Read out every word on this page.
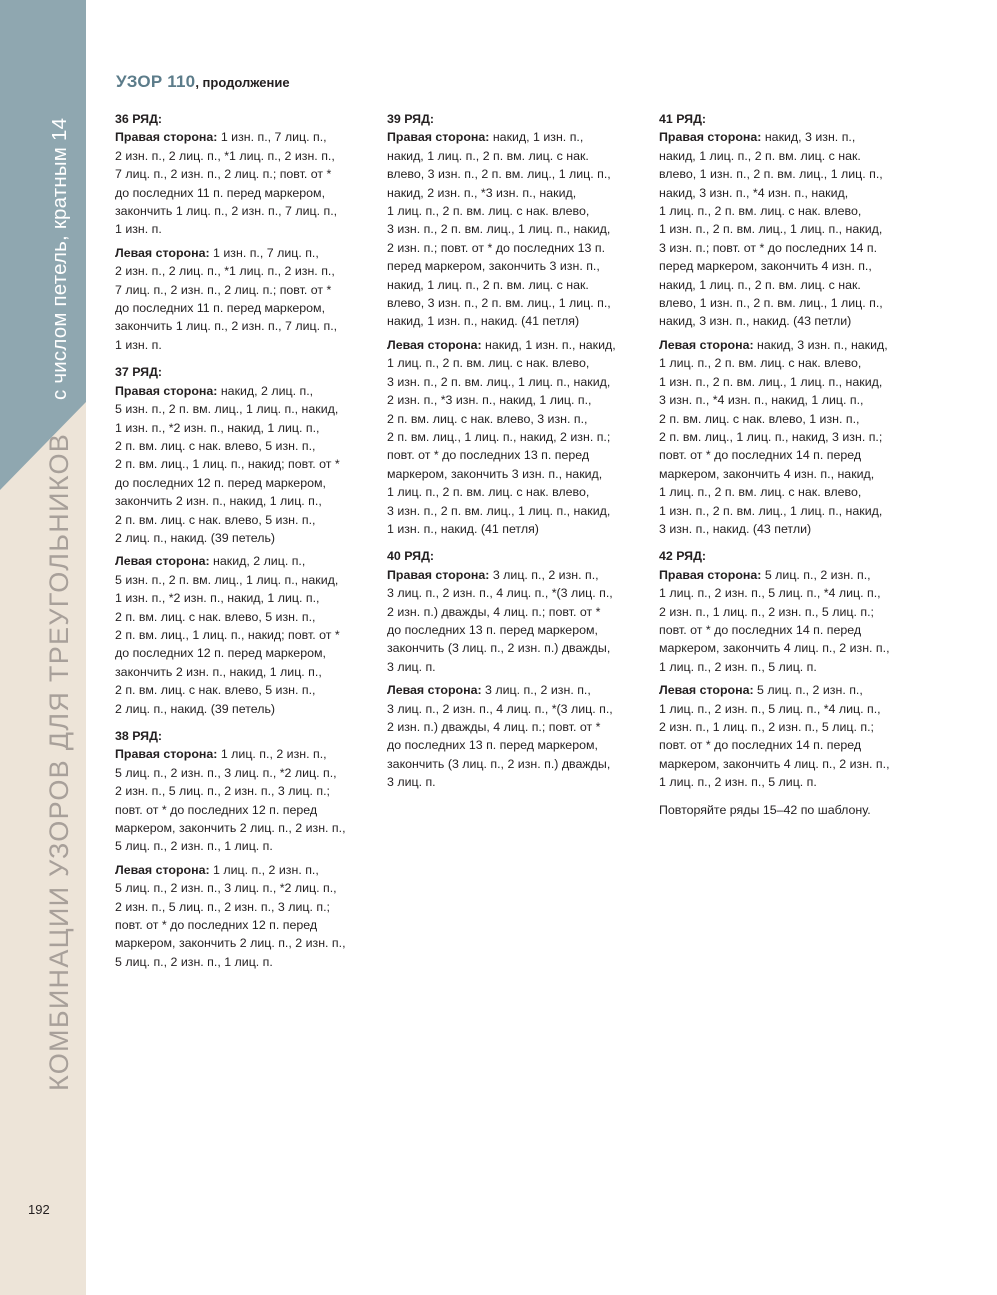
с числом петель, кратным 14
КОМБИНАЦИИ УЗОРОВ ДЛЯ ТРЕУГОЛЬНИКОВ
192
УЗОР 110, продолжение
36 РЯД:
Правая сторона: 1 изн. п., 7 лиц. п.,
2 изн. п., 2 лиц. п., *1 лиц. п., 2 изн. п.,
7 лиц. п., 2 изн. п., 2 лиц. п.; повт. от *
до последних 11 п. перед маркером,
закончить 1 лиц. п., 2 изн. п., 7 лиц. п.,
1 изн. п.
Левая сторона: 1 изн. п., 7 лиц. п.,
2 изн. п., 2 лиц. п., *1 лиц. п., 2 изн. п.,
7 лиц. п., 2 изн. п., 2 лиц. п.; повт. от *
до последних 11 п. перед маркером,
закончить 1 лиц. п., 2 изн. п., 7 лиц. п.,
1 изн. п.
37 РЯД:
Правая сторона: накид, 2 лиц. п.,
5 изн. п., 2 п. вм. лиц., 1 лиц. п., накид,
1 изн. п., *2 изн. п., накид, 1 лиц. п.,
2 п. вм. лиц. с нак. влево, 5 изн. п.,
2 п. вм. лиц., 1 лиц. п., накид; повт. от *
до последних 12 п. перед маркером,
закончить 2 изн. п., накид, 1 лиц. п.,
2 п. вм. лиц. с нак. влево, 5 изн. п.,
2 лиц. п., накид. (39 петель)
Левая сторона: накид, 2 лиц. п.,
5 изн. п., 2 п. вм. лиц., 1 лиц. п., накид,
1 изн. п., *2 изн. п., накид, 1 лиц. п.,
2 п. вм. лиц. с нак. влево, 5 изн. п.,
2 п. вм. лиц., 1 лиц. п., накид; повт. от *
до последних 12 п. перед маркером,
закончить 2 изн. п., накид, 1 лиц. п.,
2 п. вм. лиц. с нак. влево, 5 изн. п.,
2 лиц. п., накид. (39 петель)
38 РЯД:
Правая сторона: 1 лиц. п., 2 изн. п.,
5 лиц. п., 2 изн. п., 3 лиц. п., *2 лиц. п.,
2 изн. п., 5 лиц. п., 2 изн. п., 3 лиц. п.;
повт. от * до последних 12 п. перед
маркером, закончить 2 лиц. п., 2 изн. п.,
5 лиц. п., 2 изн. п., 1 лиц. п.
Левая сторона: 1 лиц. п., 2 изн. п.,
5 лиц. п., 2 изн. п., 3 лиц. п., *2 лиц. п.,
2 изн. п., 5 лиц. п., 2 изн. п., 3 лиц. п.;
повт. от * до последних 12 п. перед
маркером, закончить 2 лиц. п., 2 изн. п.,
5 лиц. п., 2 изн. п., 1 лиц. п.
39 РЯД:
Правая сторона: накид, 1 изн. п.,
накид, 1 лиц. п., 2 п. вм. лиц. с нак.
влево, 3 изн. п., 2 п. вм. лиц., 1 лиц. п.,
накид, 2 изн. п., *3 изн. п., накид,
1 лиц. п., 2 п. вм. лиц. с нак. влево,
3 изн. п., 2 п. вм. лиц., 1 лиц. п., накид,
2 изн. п.; повт. от * до последних 13 п.
перед маркером, закончить 3 изн. п.,
накид, 1 лиц. п., 2 п. вм. лиц. с нак.
влево, 3 изн. п., 2 п. вм. лиц., 1 лиц. п.,
накид, 1 изн. п., накид. (41 петля)
Левая сторона: накид, 1 изн. п., накид,
1 лиц. п., 2 п. вм. лиц. с нак. влево,
3 изн. п., 2 п. вм. лиц., 1 лиц. п., накид,
2 изн. п., *3 изн. п., накид, 1 лиц. п.,
2 п. вм. лиц. с нак. влево, 3 изн. п.,
2 п. вм. лиц., 1 лиц. п., накид, 2 изн. п.;
повт. от * до последних 13 п. перед
маркером, закончить 3 изн. п., накид,
1 лиц. п., 2 п. вм. лиц. с нак. влево,
3 изн. п., 2 п. вм. лиц., 1 лиц. п., накид,
1 изн. п., накид. (41 петля)
40 РЯД:
Правая сторона: 3 лиц. п., 2 изн. п.,
3 лиц. п., 2 изн. п., 4 лиц. п., *(3 лиц. п.,
2 изн. п.) дважды, 4 лиц. п.; повт. от *
до последних 13 п. перед маркером,
закончить (3 лиц. п., 2 изн. п.) дважды,
3 лиц. п.
Левая сторона: 3 лиц. п., 2 изн. п.,
3 лиц. п., 2 изн. п., 4 лиц. п., *(3 лиц. п.,
2 изн. п.) дважды, 4 лиц. п.; повт. от *
до последних 13 п. перед маркером,
закончить (3 лиц. п., 2 изн. п.) дважды,
3 лиц. п.
41 РЯД:
Правая сторона: накид, 3 изн. п.,
накид, 1 лиц. п., 2 п. вм. лиц. с нак.
влево, 1 изн. п., 2 п. вм. лиц., 1 лиц. п.,
накид, 3 изн. п., *4 изн. п., накид,
1 лиц. п., 2 п. вм. лиц. с нак. влево,
1 изн. п., 2 п. вм. лиц., 1 лиц. п., накид,
3 изн. п.; повт. от * до последних 14 п.
перед маркером, закончить 4 изн. п.,
накид, 1 лиц. п., 2 п. вм. лиц. с нак.
влево, 1 изн. п., 2 п. вм. лиц., 1 лиц. п.,
накид, 3 изн. п., накид. (43 петли)
Левая сторона: накид, 3 изн. п., накид,
1 лиц. п., 2 п. вм. лиц. с нак. влево,
1 изн. п., 2 п. вм. лиц., 1 лиц. п., накид,
3 изн. п., *4 изн. п., накид, 1 лиц. п.,
2 п. вм. лиц. с нак. влево, 1 изн. п.,
2 п. вм. лиц., 1 лиц. п., накид, 3 изн. п.;
повт. от * до последних 14 п. перед
маркером, закончить 4 изн. п., накид,
1 лиц. п., 2 п. вм. лиц. с нак. влево,
1 изн. п., 2 п. вм. лиц., 1 лиц. п., накид,
3 изн. п., накид. (43 петли)
42 РЯД:
Правая сторона: 5 лиц. п., 2 изн. п.,
1 лиц. п., 2 изн. п., 5 лиц. п., *4 лиц. п.,
2 изн. п., 1 лиц. п., 2 изн. п., 5 лиц. п.;
повт. от * до последних 14 п. перед
маркером, закончить 4 лиц. п., 2 изн. п.,
1 лиц. п., 2 изн. п., 5 лиц. п.
Левая сторона: 5 лиц. п., 2 изн. п.,
1 лиц. п., 2 изн. п., 5 лиц. п., *4 лиц. п.,
2 изн. п., 1 лиц. п., 2 изн. п., 5 лиц. п.;
повт. от * до последних 14 п. перед
маркером, закончить 4 лиц. п., 2 изн. п.,
1 лиц. п., 2 изн. п., 5 лиц. п.
Повторяйте ряды 15–42 по шаблону.
